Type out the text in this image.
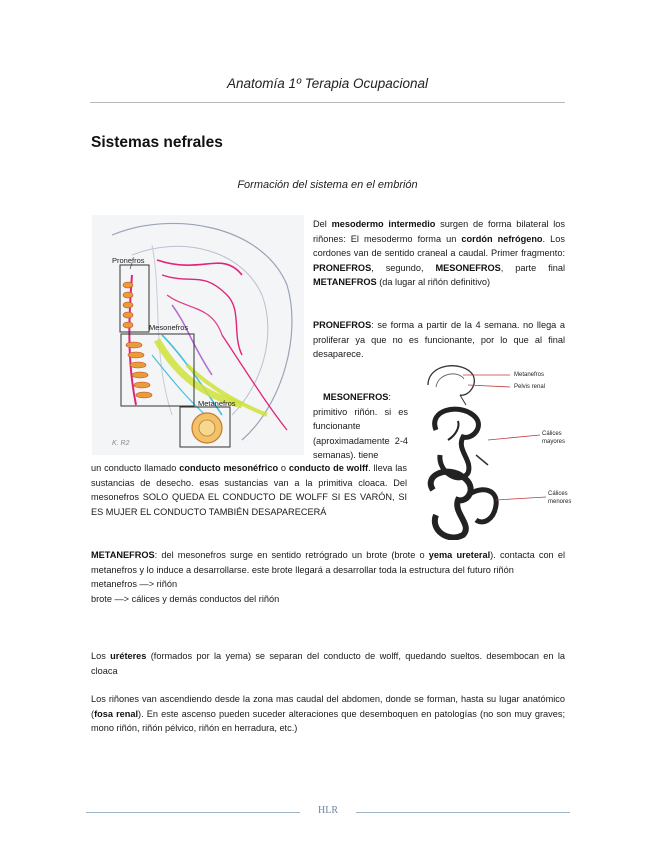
Anatomía 1º Terapia Ocupacional
Sistemas nefrales
Formación del sistema en el embrión
Pronefros
Mesonefros
Metanefros
K. R2
Metanefros
Pelvis renal
Cálices
mayores
Cálices
menores
Del mesodermo intermedio surgen de forma bilateral los riñones: El mesodermo forma un cordón nefrógeno. Los cordones van de sentido craneal a caudal. Primer fragmento: PRONEFROS, segundo, MESONEFROS, parte final METANEFROS (da lugar al riñón definitivo)
PRONEFROS: se forma a partir de la 4 semana. no llega a proliferar ya que no es funcionante, por lo que al final desaparece.
MESONEFROS: primitivo riñón. si es funcionante (aproximadamente 2-4 semanas). tiene
un conducto llamado conducto mesonéfrico o conducto de wolff. lleva las sustancias de desecho. esas sustancias van a la primitiva cloaca. Del mesonefros SOLO QUEDA EL CONDUCTO DE WOLFF SI ES VARÓN, SI ES MUJER EL CONDUCTO TAMBIÉN DESAPARECERÁ
METANEFROS: del mesonefros surge en sentido retrógrado un brote (brote o yema ureteral). contacta con el metanefros y lo induce a desarrollarse. este brote llegará a desarrollar toda la estructura del futuro riñón
metanefros —> riñón
brote —> cálices y demás conductos del riñón
Los uréteres (formados por la yema) se separan del conducto de wolff, quedando sueltos. desembocan en la cloaca
Los riñones van ascendiendo desde la zona mas caudal del abdomen, donde se forman, hasta su lugar anatómico (fosa renal). En este ascenso pueden suceder alteraciones que desemboquen en patologías (no son muy graves; mono riñón, riñón pélvico, riñón en herradura, etc.)
HLR
